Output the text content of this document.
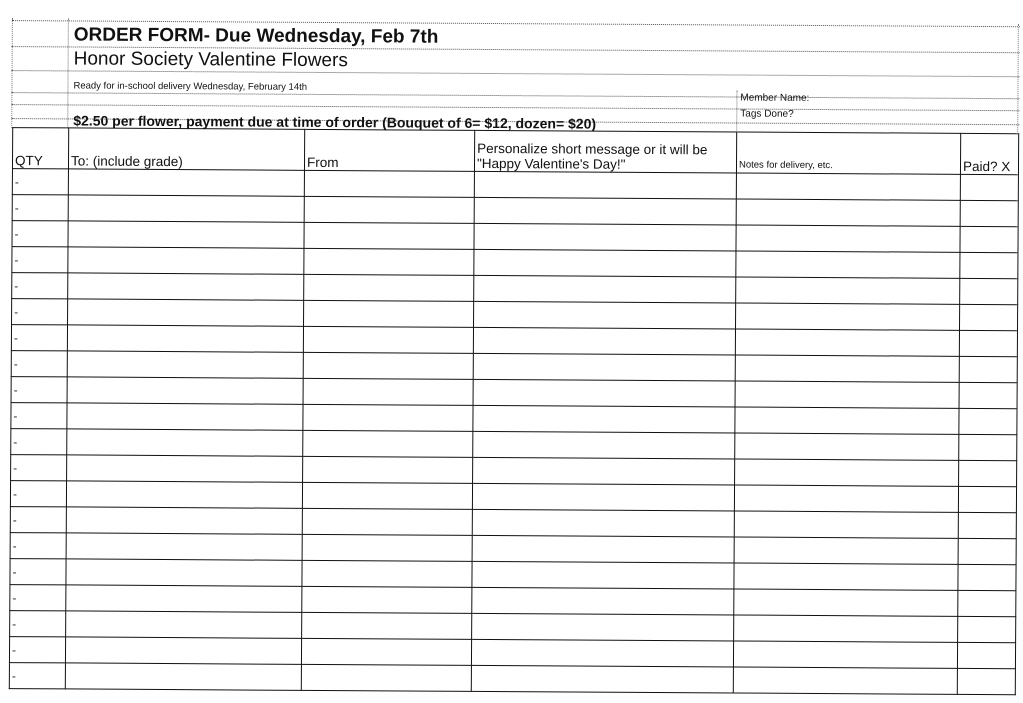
ORDER FORM- Due Wednesday, Feb 7th
Honor Society Valentine Flowers
Ready for in-school delivery Wednesday, February 14th
Member Name:
Tags Done?
$2.50 per flower, payment due at time of order (Bouquet of 6= $12, dozen= $20)
QTY	To: (include grade)	From	Personalize short message or it will be "Happy Valentine's Day!"	Notes for delivery, etc.	Paid? X
-					
-					
-					
-					
-					
-					
-					
-					
-					
-					
-					
-					
-					
-					
-					
-					
-					
-					
-					
-					
